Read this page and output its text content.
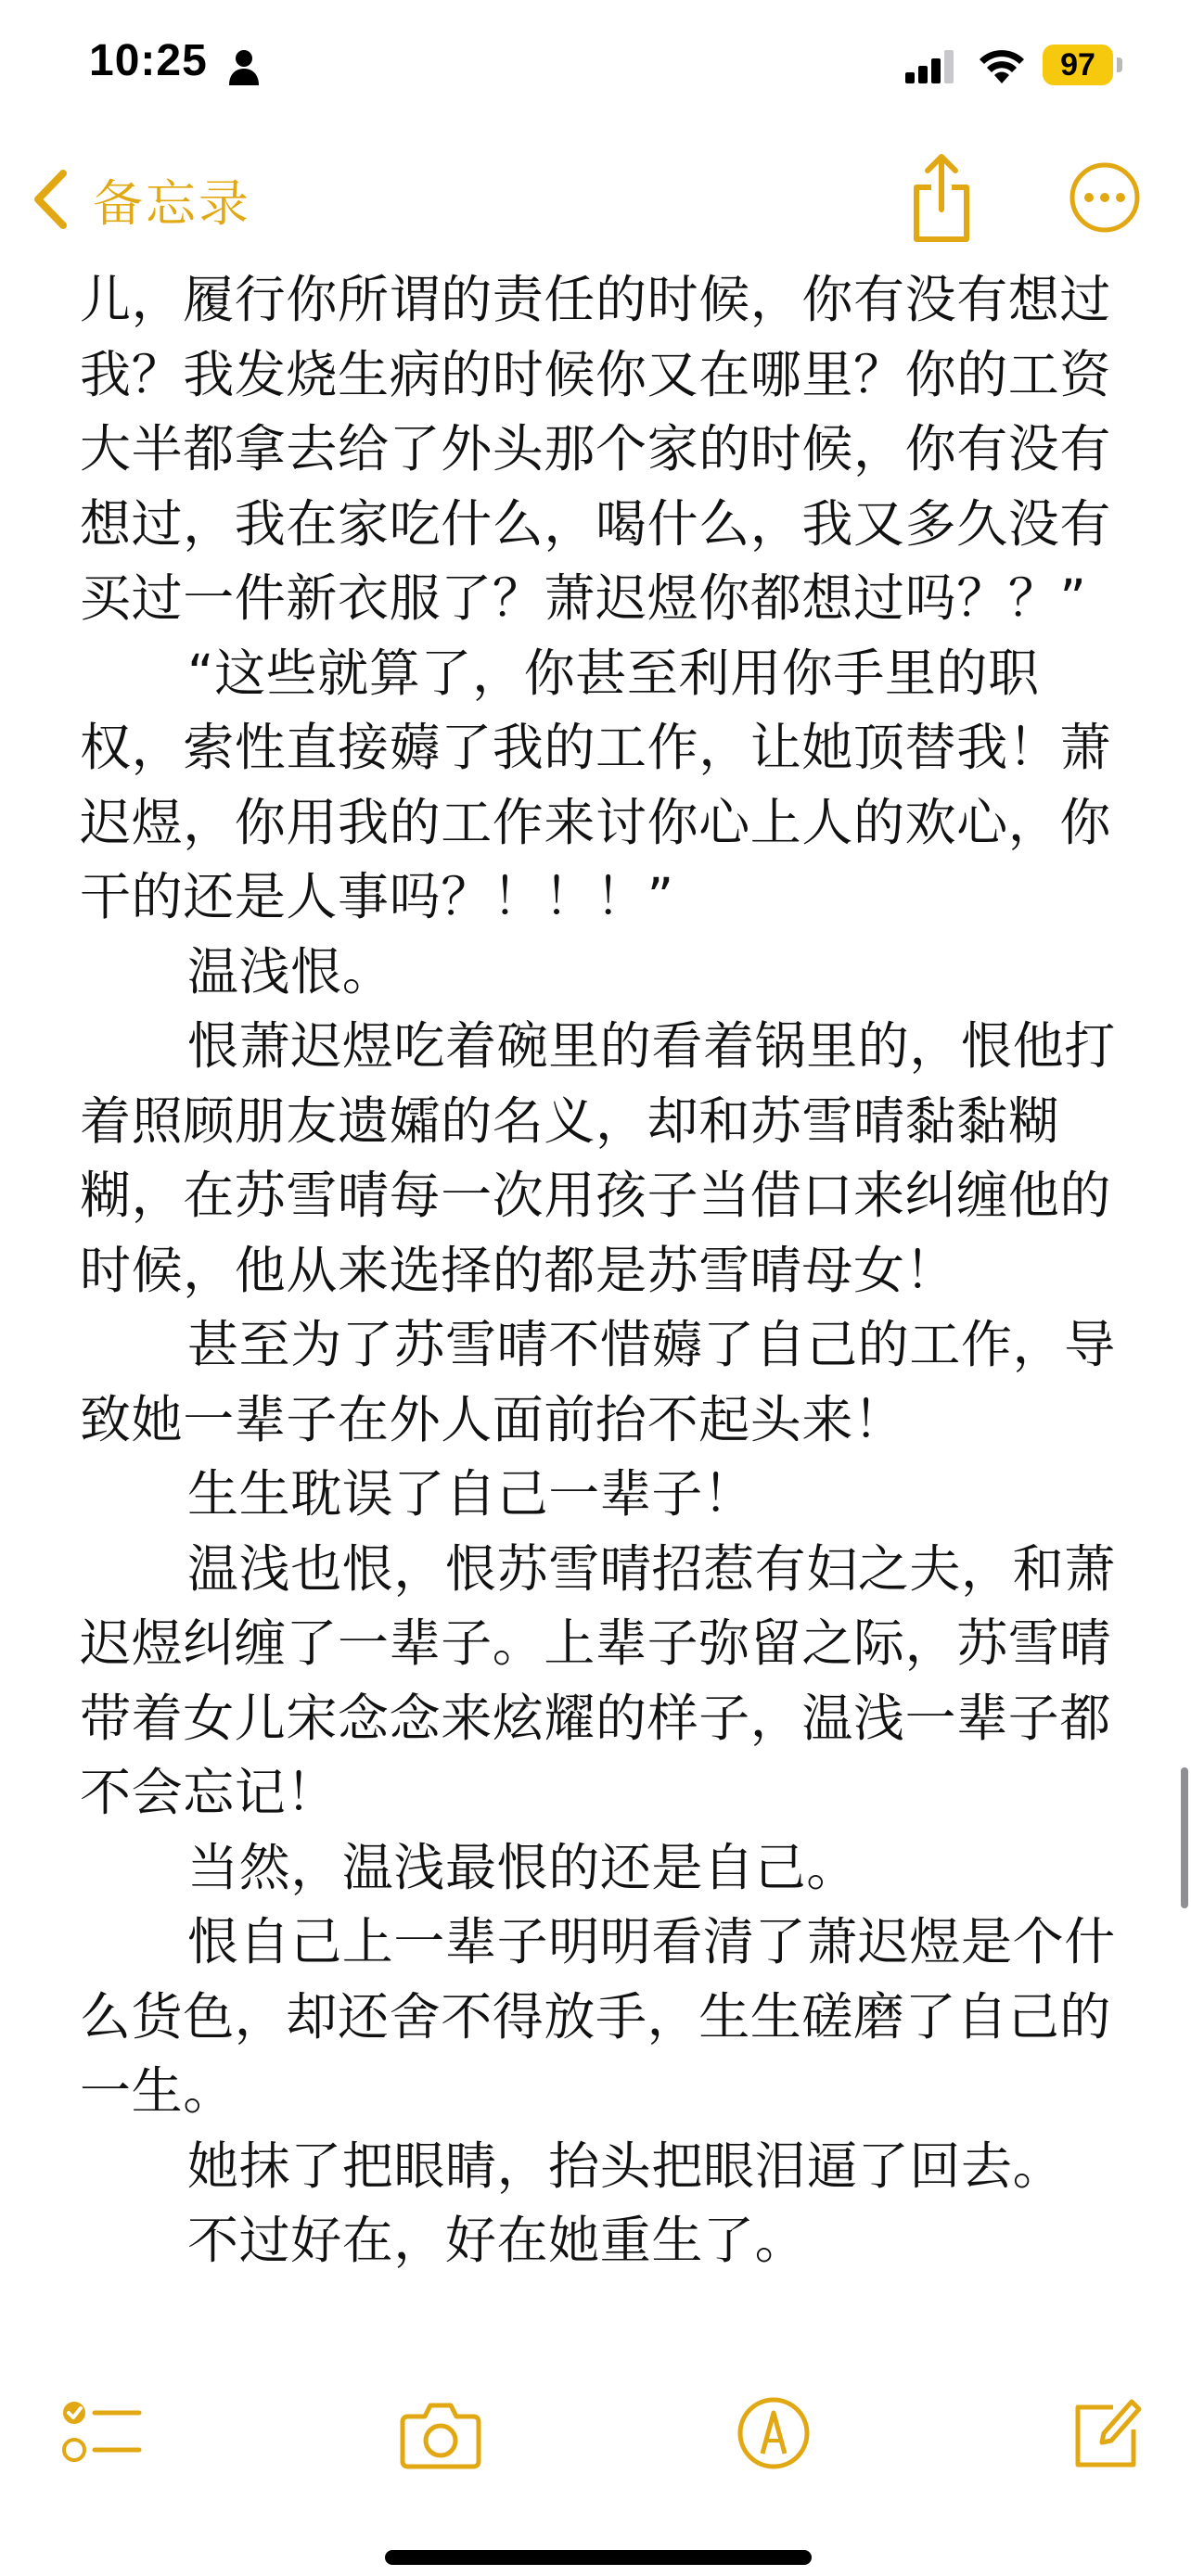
10:25	97
备忘录

儿，履行你所谓的责任的时候，你有没有想过我？我发烧生病的时候你又在哪里？你的工资大半都拿去给了外头那个家的时候，你有没有想过，我在家吃什么，喝什么，我又多久没有买过一件新衣服了？萧迟煜你都想过吗？？”

“这些就算了，你甚至利用你手里的职权，索性直接薅了我的工作，让她顶替我！萧迟煜，你用我的工作来讨你心上人的欢心，你干的还是人事吗？！！！”

温浅恨。

恨萧迟煜吃着碗里的看着锅里的，恨他打着照顾朋友遗孀的名义，却和苏雪晴黏黏糊糊，在苏雪晴每一次用孩子当借口来纠缠他的时候，他从来选择的都是苏雪晴母女！

甚至为了苏雪晴不惜薅了自己的工作，导致她一辈子在外人面前抬不起头来！

生生耽误了自己一辈子！

温浅也恨，恨苏雪晴招惹有妇之夫，和萧迟煜纠缠了一辈子。上辈子弥留之际，苏雪晴带着女儿宋念念来炫耀的样子，温浅一辈子都不会忘记！

当然，温浅最恨的还是自己。

恨自己上一辈子明明看清了萧迟煜是个什么货色，却还舍不得放手，生生磋磨了自己的一生。

她抹了把眼睛，抬头把眼泪逼了回去。

不过好在，好在她重生了。
